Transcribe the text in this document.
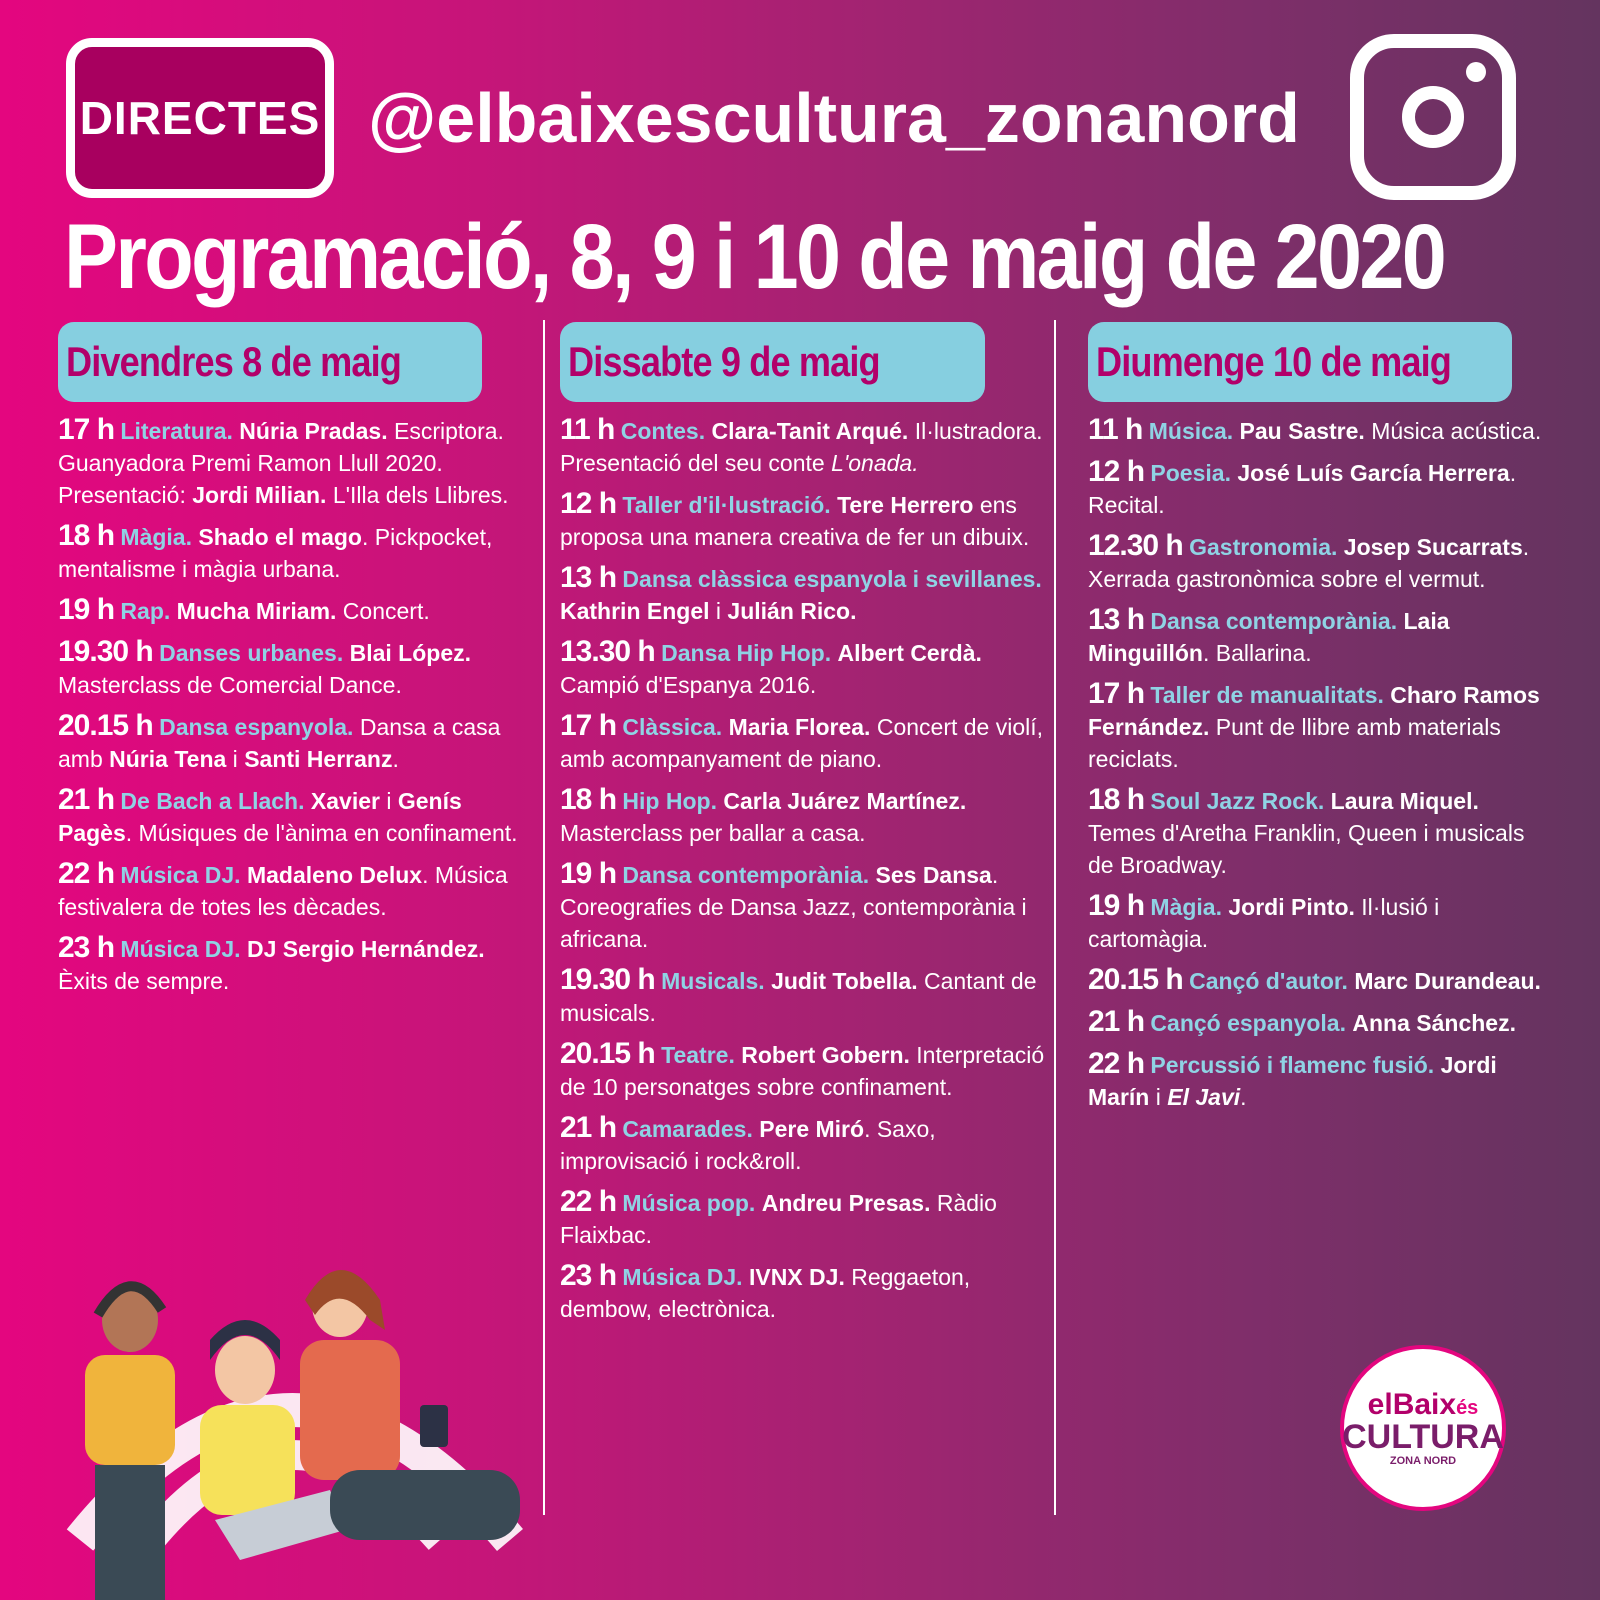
DIRECTES @elbaixescultura_zonanord
Programació, 8, 9 i 10 de maig de 2020
Divendres 8 de maig
17 h Literatura. Núria Pradas. Escriptora. Guanyadora Premi Ramon Llull 2020. Presentació: Jordi Milian. L'Illa dels Llibres.
18 h Màgia. Shado el mago. Pickpocket, mentalisme i màgia urbana.
19 h Rap. Mucha Miriam. Concert.
19.30 h Danses urbanes. Blai López. Masterclass de Comercial Dance.
20.15 h Dansa espanyola. Dansa a casa amb Núria Tena i Santi Herranz.
21 h De Bach a Llach. Xavier i Genís Pagès. Músiques de l'ànima en confinament.
22 h Música DJ. Madaleno Delux. Música festivalera de totes les dècades.
23 h Música DJ. DJ Sergio Hernández. Èxits de sempre.
Dissabte 9 de maig
11 h Contes. Clara-Tanit Arqué. Il·lustradora. Presentació del seu conte L'onada.
12 h Taller d'il·lustració. Tere Herrero ens proposa una manera creativa de fer un dibuix.
13 h Dansa clàssica espanyola i sevillanes. Kathrin Engel i Julián Rico.
13.30 h Dansa Hip Hop. Albert Cerdà. Campió d'Espanya 2016.
17 h Clàssica. Maria Florea. Concert de violí, amb acompanyament de piano.
18 h Hip Hop. Carla Juárez Martínez. Masterclass per ballar a casa.
19 h Dansa contemporània. Ses Dansa. Coreografies de Dansa Jazz, contemporània i africana.
19.30 h Musicals. Judit Tobella. Cantant de musicals.
20.15 h Teatre. Robert Gobern. Interpretació de 10 personatges sobre confinament.
21 h Camarades. Pere Miró. Saxo, improvisació i rock&roll.
22 h Música pop. Andreu Presas. Ràdio Flaixbac.
23 h Música DJ. IVNX DJ. Reggaeton, dembow, electrònica.
Diumenge 10 de maig
11 h Música. Pau Sastre. Música acústica.
12 h Poesia. José Luís García Herrera. Recital.
12.30 h Gastronomia. Josep Sucarrats. Xerrada gastronòmica sobre el vermut.
13 h Dansa contemporània. Laia Minguillón. Ballarina.
17 h Taller de manualitats. Charo Ramos Fernández. Punt de llibre amb materials reciclats.
18 h Soul Jazz Rock. Laura Miquel. Temes d'Aretha Franklin, Queen i musicals de Broadway.
19 h Màgia. Jordi Pinto. Il·lusió i cartomàgia.
20.15 h Cançó d'autor. Marc Durandeau.
21 h Cançó espanyola. Anna Sánchez.
22 h Percussió i flamenc fusió. Jordi Marín i El Javi.
elBaixés
CULTURA
ZONA NORD
